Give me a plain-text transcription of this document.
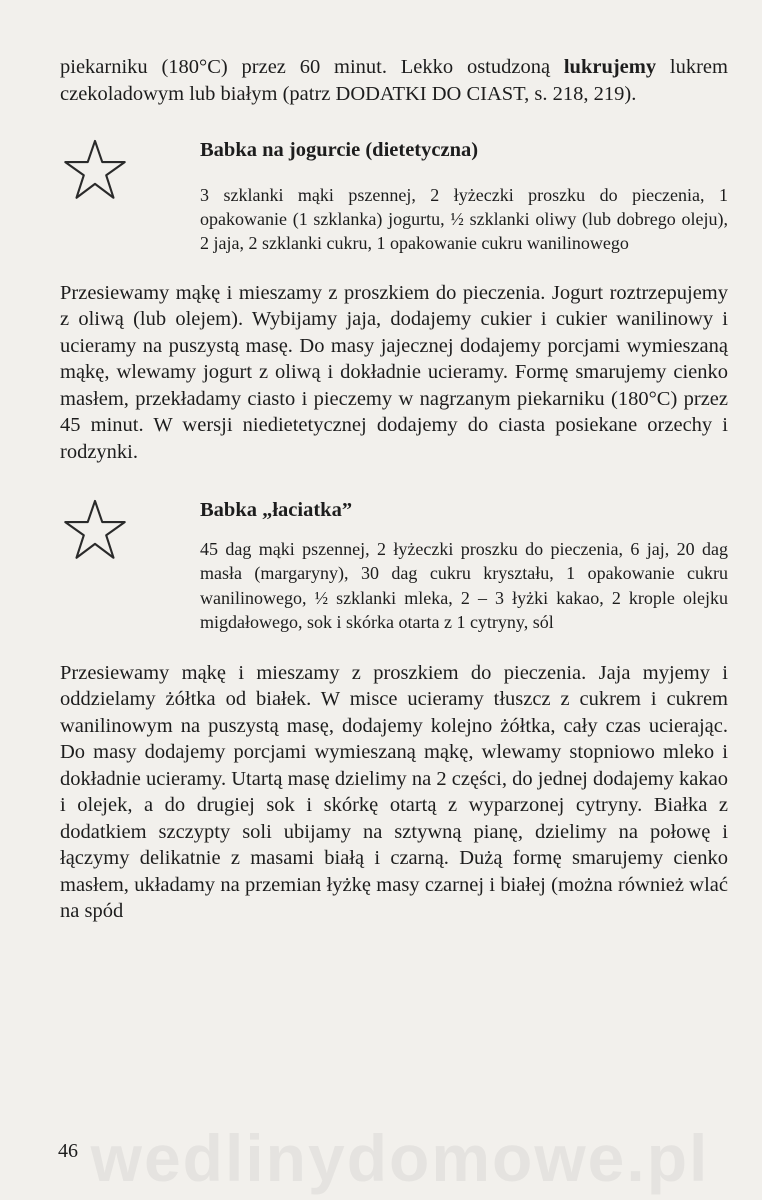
piekarniku (180°C) przez 60 minut. Lekko ostudzoną lukrujemy lukrem czekoladowym lub białym (patrz DODATKI DO CIAST, s. 218, 219).

Babka na jogurcie (dietetyczna)

3 szklanki mąki pszennej, 2 łyżeczki proszku do pieczenia, 1 opakowanie (1 szklanka) jogurtu, ½ szklanki oliwy (lub dobrego oleju), 2 jaja, 2 szklanki cukru, 1 opakowanie cukru wanilinowego

Przesiewamy mąkę i mieszamy z proszkiem do pieczenia. Jogurt roztrzepujemy z oliwą (lub olejem). Wybijamy jaja, dodajemy cukier i cukier wanilinowy i ucieramy na puszystą masę. Do masy jajecznej dodajemy porcjami wymieszaną mąkę, wlewamy jogurt z oliwą i dokładnie ucieramy. Formę smarujemy cienko masłem, przekładamy ciasto i pieczemy w nagrzanym piekarniku (180°C) przez 45 minut. W wersji niedietetycznej dodajemy do ciasta posiekane orzechy i rodzynki.

Babka „łaciatka”

45 dag mąki pszennej, 2 łyżeczki proszku do pieczenia, 6 jaj, 20 dag masła (margaryny), 30 dag cukru kryształu, 1 opakowanie cukru wanilinowego, ½ szklanki mleka, 2 – 3 łyżki kakao, 2 krople olejku migdałowego, sok i skórka otarta z 1 cytryny, sól

Przesiewamy mąkę i mieszamy z proszkiem do pieczenia. Jaja myjemy i oddzielamy żółtka od białek. W misce ucieramy tłuszcz z cukrem i cukrem wanilinowym na puszystą masę, dodajemy kolejno żółtka, cały czas ucierając. Do masy dodajemy porcjami wymieszaną mąkę, wlewamy stopniowo mleko i dokładnie ucieramy. Utartą masę dzielimy na 2 części, do jednej dodajemy kakao i olejek, a do drugiej sok i skórkę otartą z wyparzonej cytryny. Białka z dodatkiem szczypty soli ubijamy na sztywną pianę, dzielimy na połowę i łączymy delikatnie z masami białą i czarną. Dużą formę smarujemy cienko masłem, układamy na przemian łyżkę masy czarnej i białej (można również wlać na spód

wedlinydomowe.pl
46
